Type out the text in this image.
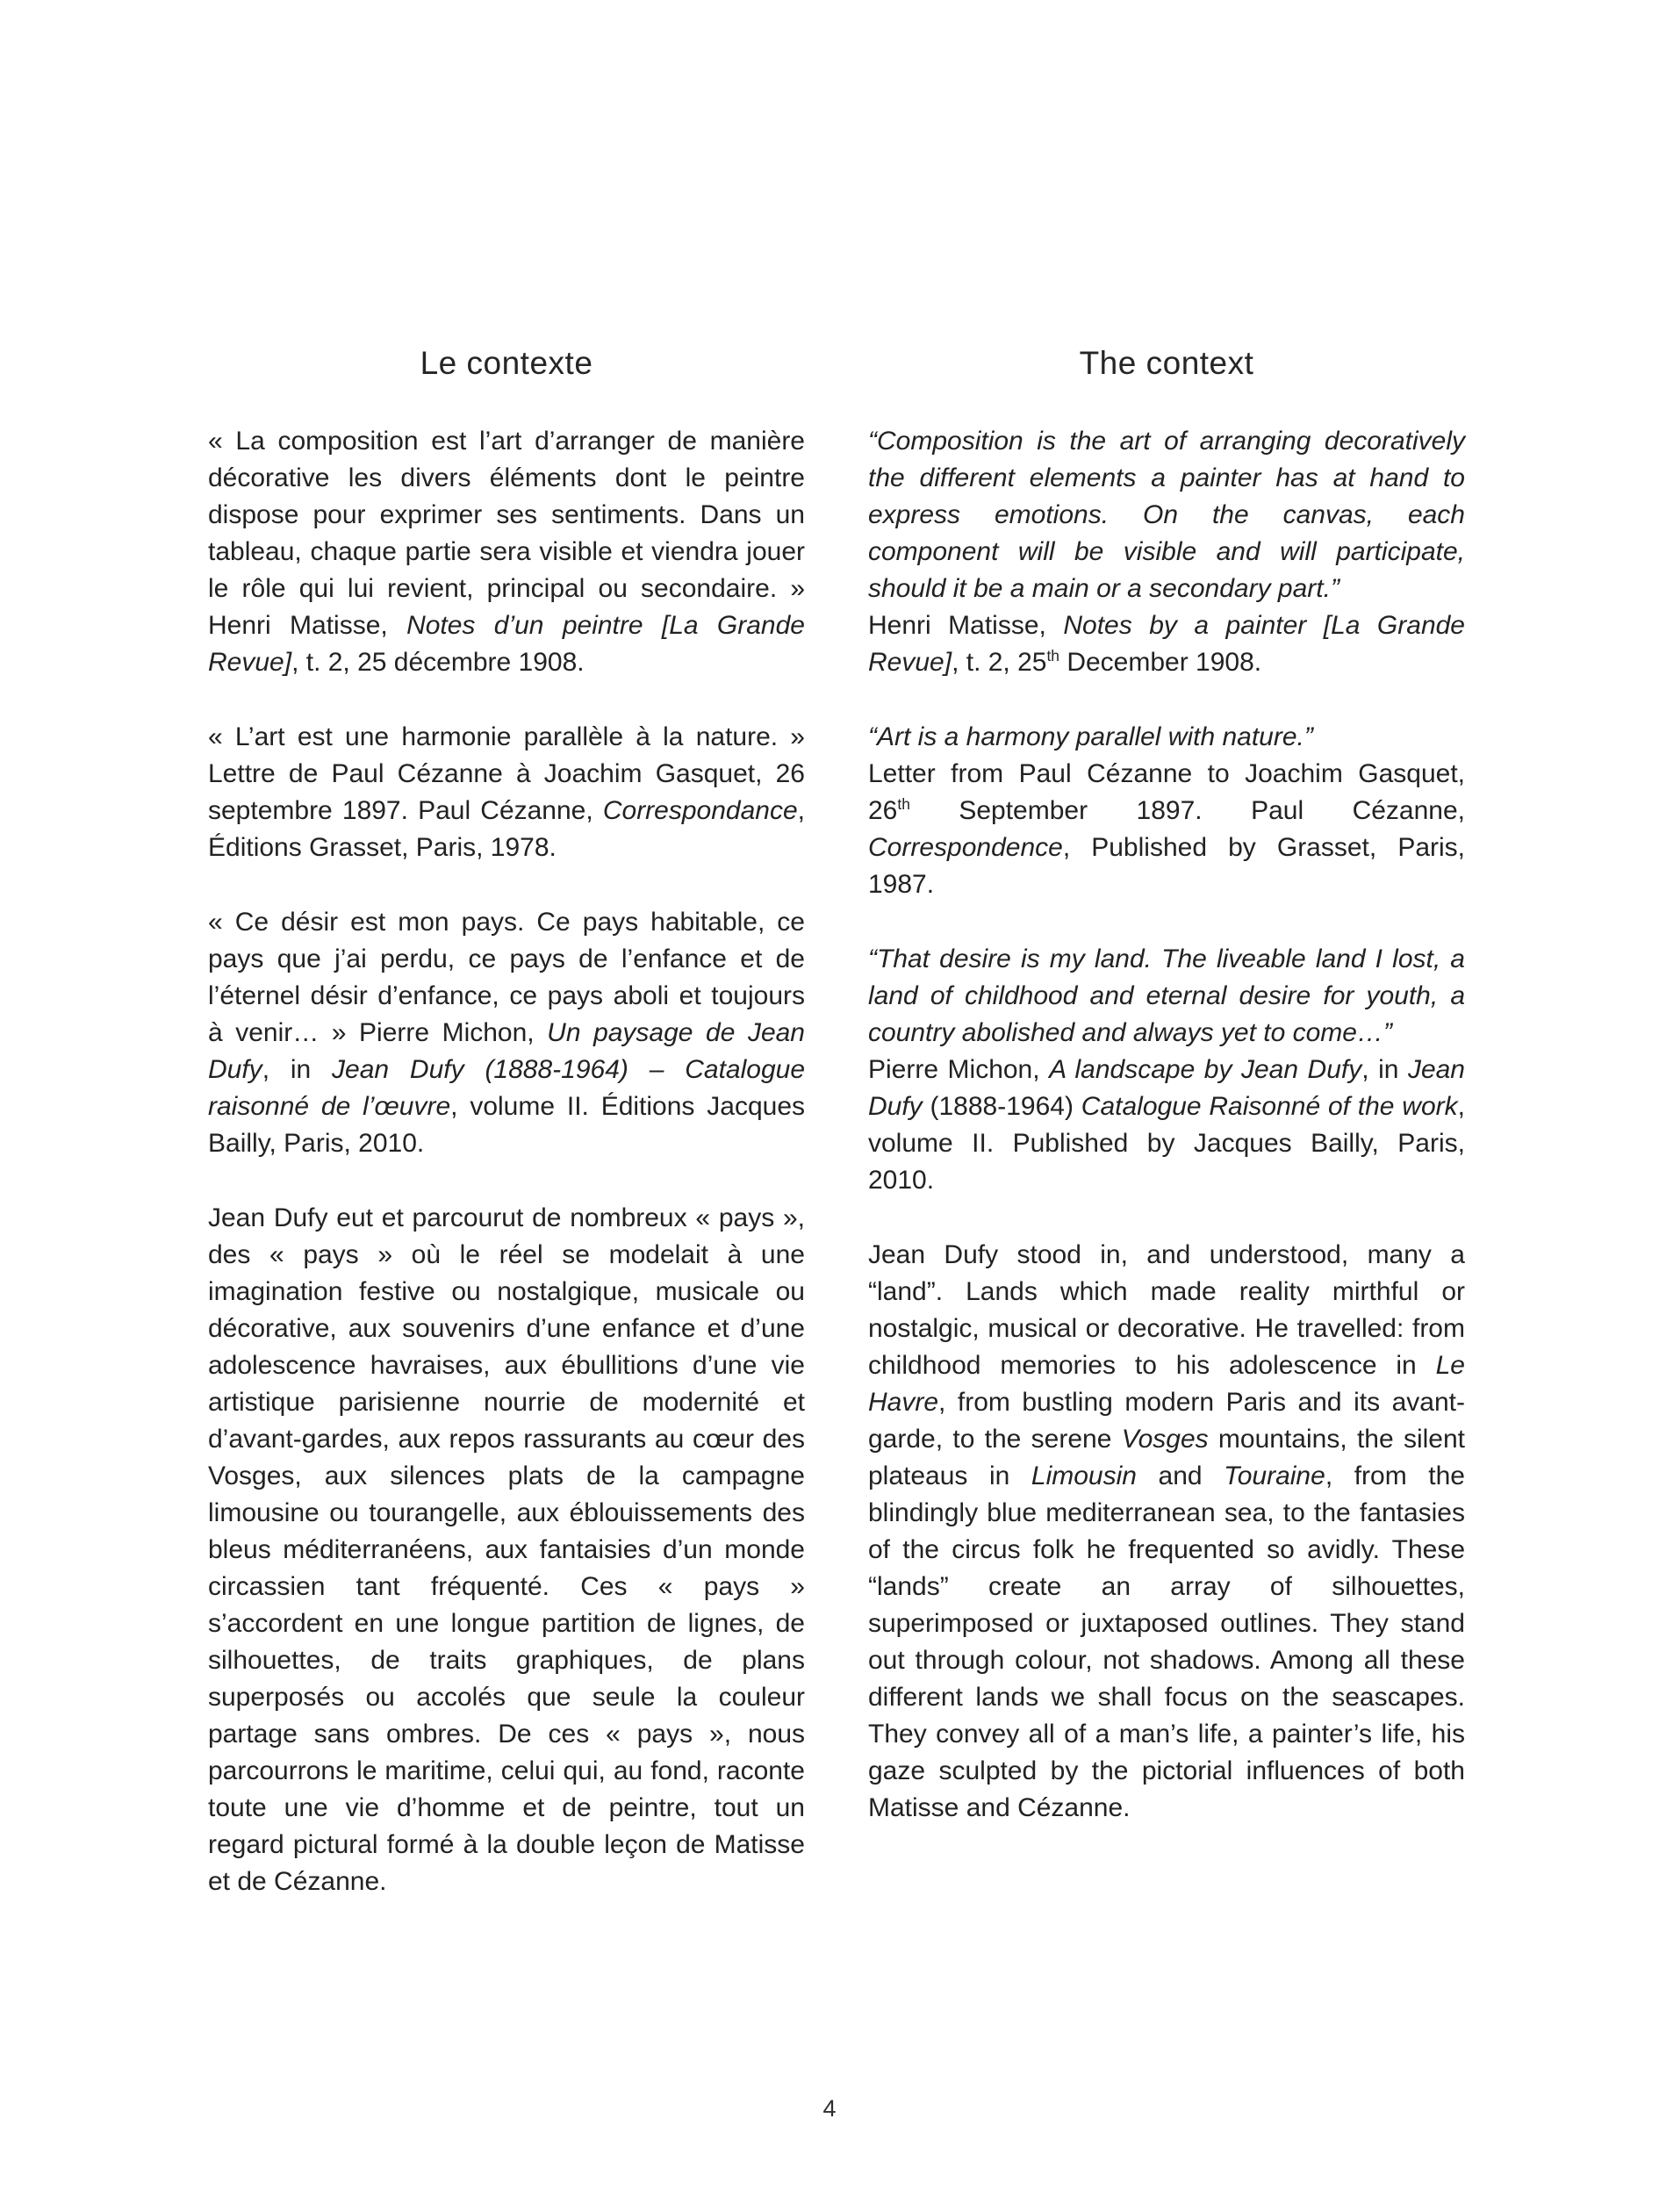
Le contexte

« La composition est l’art d’arranger de manière décorative les divers éléments dont le peintre dispose pour exprimer ses sentiments. Dans un tableau, chaque partie sera visible et viendra jouer le rôle qui lui revient, principal ou secondaire. » Henri Matisse, Notes d’un peintre [La Grande Revue], t. 2, 25 décembre 1908.

« L’art est une harmonie parallèle à la nature. » Lettre de Paul Cézanne à Joachim Gasquet, 26 septembre 1897. Paul Cézanne, Correspondance, Éditions Grasset, Paris, 1978.

« Ce désir est mon pays. Ce pays habitable, ce pays que j’ai perdu, ce pays de l’enfance et de l’éternel désir d’enfance, ce pays aboli et toujours à venir… » Pierre Michon, Un paysage de Jean Dufy, in Jean Dufy (1888-1964) – Catalogue raisonné de l’œuvre, volume II. Éditions Jacques Bailly, Paris, 2010.

Jean Dufy eut et parcourut de nombreux « pays », des « pays » où le réel se modelait à une imagination festive ou nostalgique, musicale ou décorative, aux souvenirs d’une enfance et d’une adolescence havraises, aux ébullitions d’une vie artistique parisienne nourrie de modernité et d’avant-gardes, aux repos rassurants au cœur des Vosges, aux silences plats de la campagne limousine ou tourangelle, aux éblouissements des bleus méditerranéens, aux fantaisies d’un monde circassien tant fréquenté. Ces « pays » s’accordent en une longue partition de lignes, de silhouettes, de traits graphiques, de plans superposés ou accolés que seule la couleur partage sans ombres. De ces « pays », nous parcourrons le maritime, celui qui, au fond, raconte toute une vie d’homme et de peintre, tout un regard pictural formé à la double leçon de Matisse et de Cézanne.

The context

“Composition is the art of arranging decoratively the different elements a painter has at hand to express emotions. On the canvas, each component will be visible and will participate, should it be a main or a secondary part.”
Henri Matisse, Notes by a painter [La Grande Revue], t. 2, 25th December 1908.

“Art is a harmony parallel with nature.”
Letter from Paul Cézanne to Joachim Gasquet, 26th September 1897. Paul Cézanne, Correspondence, Published by Grasset, Paris, 1987.

“That desire is my land. The liveable land I lost, a land of childhood and eternal desire for youth, a country abolished and always yet to come…”
Pierre Michon, A landscape by Jean Dufy, in Jean Dufy (1888-1964) Catalogue Raisonné of the work, volume II. Published by Jacques Bailly, Paris, 2010.

Jean Dufy stood in, and understood, many a “land”. Lands which made reality mirthful or nostalgic, musical or decorative. He travelled: from childhood memories to his adolescence in Le Havre, from bustling modern Paris and its avant-garde, to the serene Vosges mountains, the silent plateaus in Limousin and Touraine, from the blindingly blue mediterranean sea, to the fantasies of the circus folk he frequented so avidly. These “lands” create an array of silhouettes, superimposed or juxtaposed outlines. They stand out through colour, not shadows. Among all these different lands we shall focus on the seascapes. They convey all of a man’s life, a painter’s life, his gaze sculpted by the pictorial influences of both Matisse and Cézanne.

4
